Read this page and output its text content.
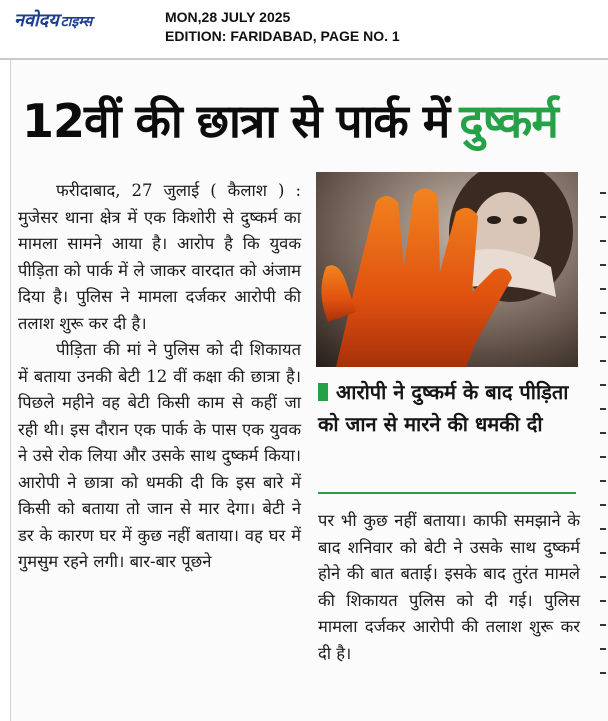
नवोदय टाइम्स	MON,28 JULY 2025
EDITION: FARIDABAD, PAGE NO. 1
12वीं की छात्रा से पार्क में दुष्कर्म

फरीदाबाद, 27 जुलाई ( कैलाश ) : मुजेसर थाना क्षेत्र में एक किशोरी से दुष्कर्म का मामला सामने आया है। आरोप है कि युवक पीड़िता को पार्क में ले जाकर वारदात को अंजाम दिया है। पुलिस ने मामला दर्जकर आरोपी की तलाश शुरू कर दी है।

पीड़िता की मां ने पुलिस को दी शिकायत में बताया उनकी बेटी 12 वीं कक्षा की छात्रा है। पिछले महीने वह बेटी किसी काम से कहीं जा रही थी। इस दौरान एक पार्क के पास एक युवक ने उसे रोक लिया और उसके साथ दुष्कर्म किया। आरोपी ने छात्रा को धमकी दी कि इस बारे में किसी को बताया तो जान से मार देगा। बेटी ने डर के कारण घर में कुछ नहीं बताया। वह घर में गुमसुम रहने लगी। बार-बार पूछने

आरोपी ने दुष्कर्म के बाद पीड़िता को जान से मारने की धमकी दी

पर भी कुछ नहीं बताया। काफी समझाने के बाद शनिवार को बेटी ने उसके साथ दुष्कर्म होने की बात बताई। इसके बाद तुरंत मामले की शिकायत पुलिस को दी गई। पुलिस मामला दर्जकर आरोपी की तलाश शुरू कर दी है।
